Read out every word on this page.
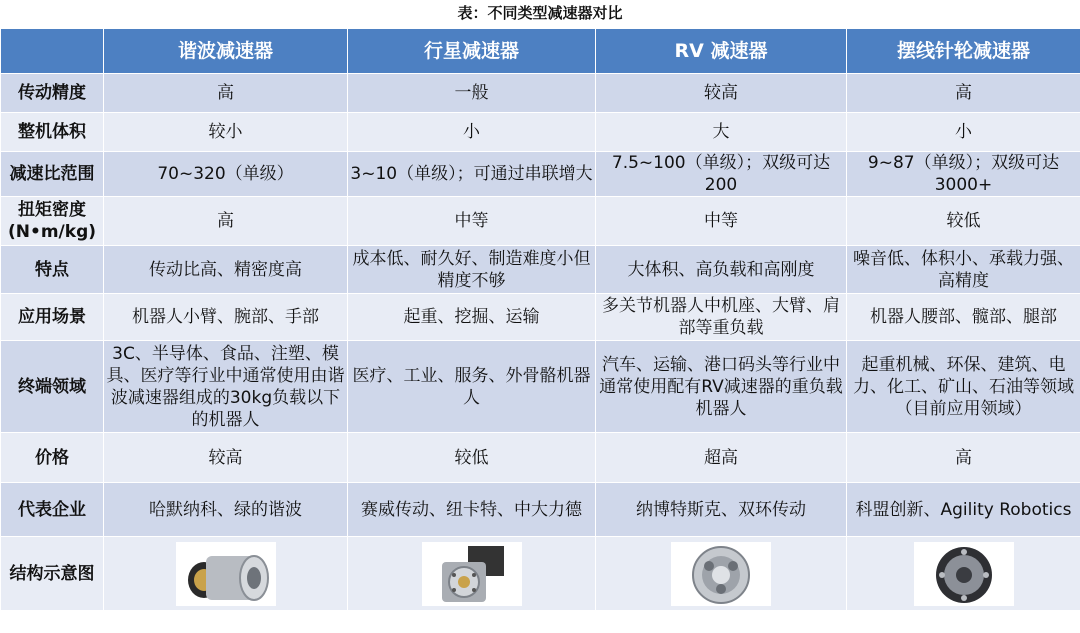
表：不同类型减速器对比
	谐波减速器	行星减速器	RV 减速器	摆线针轮减速器
传动精度	高	一般	较高	高
整机体积	较小	小	大	小
减速比范围	70~320（单级）	3~10（单级）；可通过串联增大	7.5~100（单级）；双级可达200	9~87（单级）；双级可达3000+
扭矩密度(N•m/kg)	高	中等	中等	较低
特点	传动比高、精密度高	成本低、耐久好、制造难度小但精度不够	大体积、高负载和高刚度	噪音低、体积小、承载力强、高精度
应用场景	机器人小臂、腕部、手部	起重、挖掘、运输	多关节机器人中机座、大臂、肩部等重负载	机器人腰部、髋部、腿部
终端领域	3C、半导体、食品、注塑、模具、医疗等行业中通常使用由谐波减速器组成的30kg负载以下的机器人	医疗、工业、服务、外骨骼机器人	汽车、运输、港口码头等行业中通常使用配有RV减速器的重负载机器人	起重机械、环保、建筑、电力、化工、矿山、石油等领域（目前应用领域）
价格	较高	较低	超高	高
代表企业	哈默纳科、绿的谐波	赛威传动、纽卡特、中大力德	纳博特斯克、双环传动	科盟创新、Agility Robotics
结构示意图				
